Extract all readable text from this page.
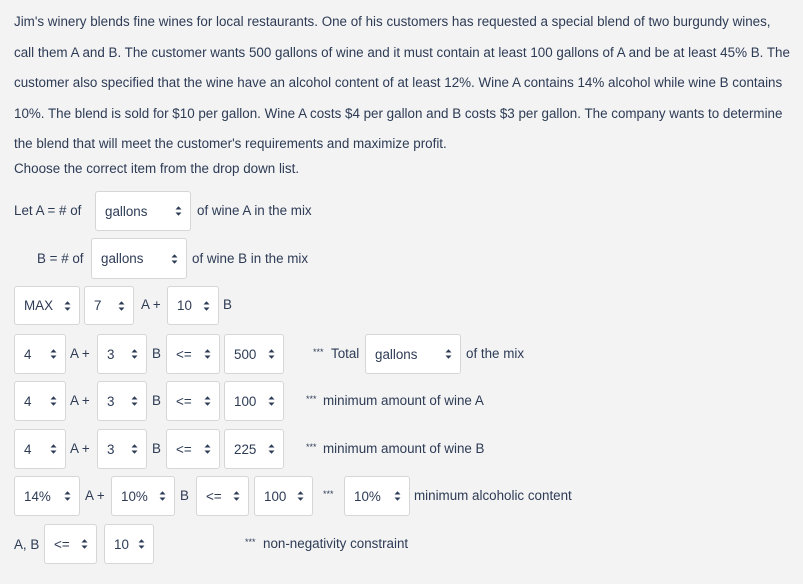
Jim's winery blends fine wines for local restaurants. One of his customers has requested a special blend of two burgundy wines, call them A and B. The customer wants 500 gallons of wine and it must contain at least 100 gallons of A and be at least 45% B. The customer also specified that the wine have an alcohol content of at least 12%. Wine A contains 14% alcohol while wine B contains 10%. The blend is sold for $10 per gallon. Wine A costs $4 per gallon and B costs $3 per gallon. The company wants to determine the blend that will meet the customer's requirements and maximize profit.

Choose the correct item from the drop down list.
Let A = # of gallons	of wine A in the mix
B = # of gallons	of wine B in the mix
MAX	7	A + 10 B
4	A + 3	B <=	500	*** Total gallons	of the mix
4	A + 3	B <=	100	*** minimum amount of wine A
4	A + 3	B <=	225	*** minimum amount of wine B
14%	A + 10% B <=	100	*** 10% minimum alcoholic content
A, B <=	10	*** non-negativity constraint
